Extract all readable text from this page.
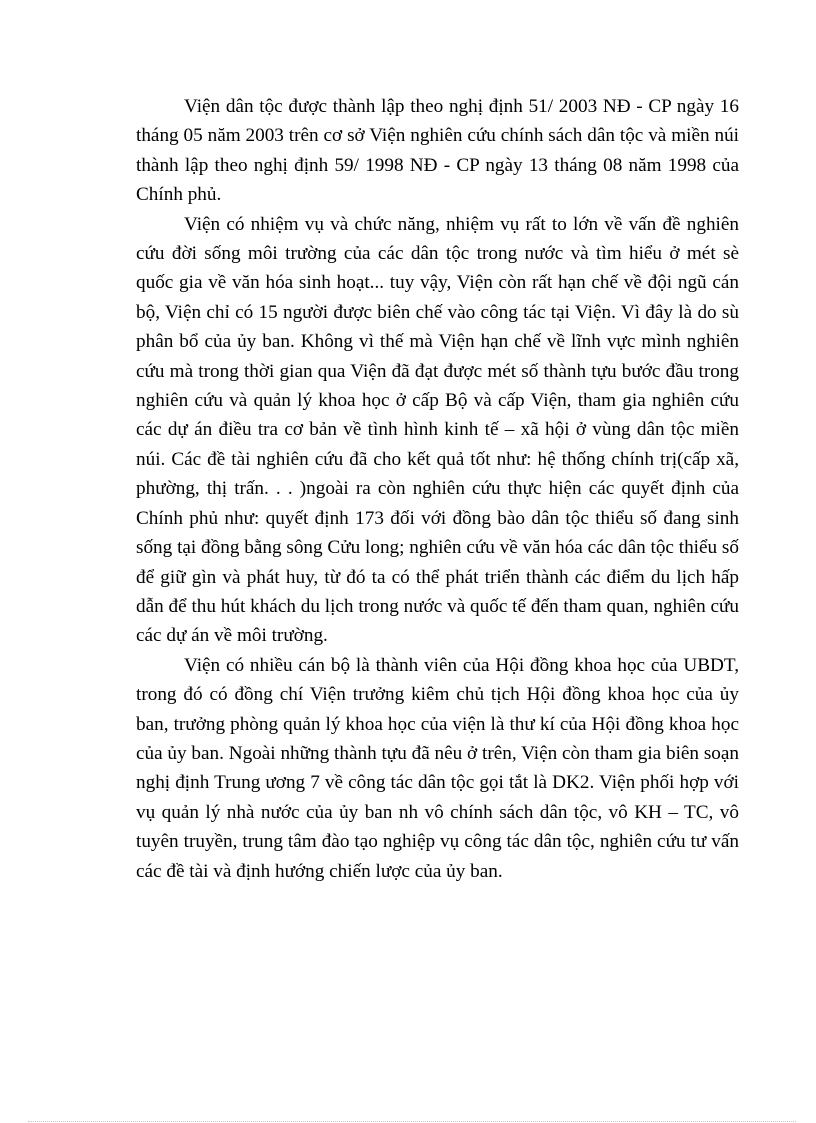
Viện dân tộc được thành lập theo nghị định 51/ 2003 NĐ - CP ngày 16 tháng 05 năm 2003 trên cơ sở Viện nghiên cứu chính sách dân tộc và miền núi thành lập theo nghị định 59/ 1998 NĐ - CP ngày 13 tháng 08 năm 1998 của Chính phủ.

Viện có nhiệm vụ và chức năng, nhiệm vụ rất to lớn về vấn đề nghiên cứu đời sống môi trường của các dân tộc trong nước và tìm hiểu ở mét sè quốc gia về văn hóa sinh hoạt... tuy vậy, Viện còn rất hạn chế về đội ngũ cán bộ, Viện chỉ có 15 người được biên chế vào công tác tại Viện. Vì đây là do sù phân bổ của ủy ban. Không vì thế mà Viện hạn chế về lĩnh vực mình nghiên cứu mà trong thời gian qua Viện đã đạt được mét số thành tựu bước đầu trong nghiên cứu và quản lý khoa học ở cấp Bộ và cấp Viện, tham gia nghiên cứu các dự án điều tra cơ bản về tình hình kinh tế – xã hội ở vùng dân tộc miền núi. Các đề tài nghiên cứu đã cho kết quả tốt như: hệ thống chính trị(cấp xã, phường, thị trấn. . . )ngoài ra còn nghiên cứu thực hiện các quyết định của Chính phủ như: quyết định 173 đối với đồng bào dân tộc thiểu số đang sinh sống tại đồng bằng sông Cửu long; nghiên cứu về văn hóa các dân tộc thiểu số để giữ gìn và phát huy, từ đó ta có thể phát triển thành các điểm du lịch hấp dẫn để thu hút khách du lịch trong nước và quốc tế đến tham quan, nghiên cứu các dự án về môi trường.

Viện có nhiều cán bộ là thành viên của Hội đồng khoa học của UBDT, trong đó có đồng chí Viện trưởng kiêm chủ tịch Hội đồng khoa học của ủy ban, trưởng phòng quản lý khoa học của viện là thư kí của Hội đồng khoa học của ủy ban. Ngoài những thành tựu đã nêu ở trên, Viện còn tham gia biên soạn nghị định Trung ương 7 về công tác dân tộc gọi tắt là DK2. Viện phối hợp với vụ quản lý nhà nước của ủy ban nh vô chính sách dân tộc, vô KH – TC, vô tuyên truyền, trung tâm đào tạo nghiệp vụ công tác dân tộc, nghiên cứu tư vấn các đề tài và định hướng chiến lược của ủy ban.
